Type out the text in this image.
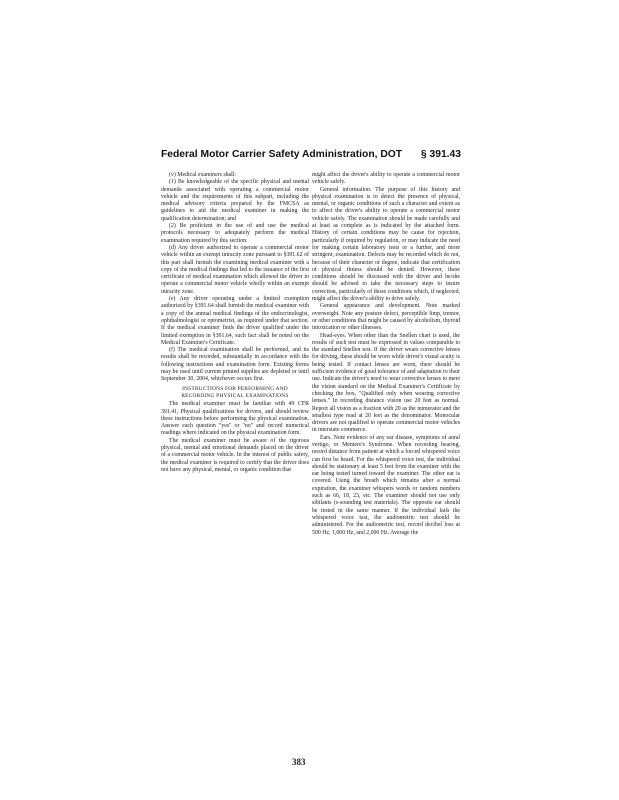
Federal Motor Carrier Safety Administration, DOT § 391.43

(v) Medical examiners shall:

(1) Be knowledgeable of the specific physical and mental demands associated with operating a commercial motor vehicle and the requirements of this subpart, including the medical advisory criteria prepared by the FMCSA as guidelines to aid the medical examiner in making the qualification determination; and

(2) Be proficient in the use of and use the medical protocols necessary to adequately perform the medical examination required by this section.

(d) Any driver authorized to operate a commercial motor vehicle within an exempt intracity zone pursuant to §391.62 of this part shall furnish the examining medical examiner with a copy of the medical findings that led to the issuance of the first certificate of medical examination which allowed the driver to operate a commercial motor vehicle wholly within an exempt intracity zone.

(e) Any driver operating under a limited exemption authorized by §391.64 shall furnish the medical examiner with a copy of the annual medical findings of the endocrinologist, ophthalmologist or optometrist, as required under that section. If the medical examiner finds the driver qualified under the limited exemption in §391.64, such fact shall be noted on the Medical Examiner's Certificate.

(f) The medical examination shall be performed, and its results shall be recorded, substantially in accordance with the following instructions and examination form. Existing forms may be used until current printed supplies are depleted or until September 30, 2004, whichever occurs first.

INSTRUCTIONS FOR PERFORMING AND
RECORDING PHYSICAL EXAMINATIONS

The medical examiner must be familiar with 49 CFR 391.41, Physical qualifications for drivers, and should review these instructions before performing the physical examination. Answer each question "yes" or "no" and record numerical readings where indicated on the physical examination form.

The medical examiner must be aware of the rigorous physical, mental and emotional demands placed on the driver of a commercial motor vehicle. In the interest of public safety, the medical examiner is required to certify that the driver does not have any physical, mental, or organic condition that

might affect the driver's ability to operate a commercial motor vehicle safely.

General information. The purpose of this history and physical examination is to detect the presence of physical, mental, or organic conditions of such a character and extent as to affect the driver's ability to operate a commercial motor vehicle safely. The examination should be made carefully and at least as complete as is indicated by the attached form. History of certain conditions may be cause for rejection, particularly if required by regulation, or may indicate the need for making certain laboratory tests or a further, and more stringent, examination. Defects may be recorded which do not, because of their character or degree, indicate that certification of physical fitness should be denied. However, these conditions should be discussed with the driver and he/she should be advised to take the necessary steps to insure correction, particularly of those conditions which, if neglected, might affect the driver's ability to drive safely.

General appearance and development. Note marked overweight. Note any posture defect, perceptible limp, tremor, or other conditions that might be caused by alcoholism, thyroid intoxication or other illnesses.

Head-eyes. When other than the Snellen chart is used, the results of such test must be expressed in values comparable to the standard Snellen test. If the driver wears corrective lenses for driving, these should be worn while driver's visual acuity is being tested. If contact lenses are worn, there should be sufficient evidence of good tolerance of and adaptation to their use. Indicate the driver's need to wear corrective lenses to meet the vision standard on the Medical Examiner's Certificate by checking the box, "Qualified only when wearing corrective lenses." In recording distance vision use 20 feet as normal. Report all vision as a fraction with 20 as the numerator and the smallest type read at 20 feet as the denominator. Monocular drivers are not qualified to operate commercial motor vehicles in interstate commerce.

Ears. Note evidence of any ear disease, symptoms of aural vertigo, or Meniere's Syndrome. When recording hearing, record distance from patient at which a forced whispered voice can first be heard. For the whispered voice test, the individual should be stationary at least 5 feet from the examiner with the ear being tested turned toward the examiner. The other ear is covered. Using the breath which remains after a normal expiration, the examiner whispers words or random numbers such as 66, 18, 23, etc. The examiner should not use only sibilants (s-sounding test materials). The opposite ear should be tested in the same manner. If the individual fails the whispered voice test, the audiometric test should be administered. For the audiometric test, record decibel loss at 500 Hz, 1,000 Hz, and 2,000 Hz. Average the

383
